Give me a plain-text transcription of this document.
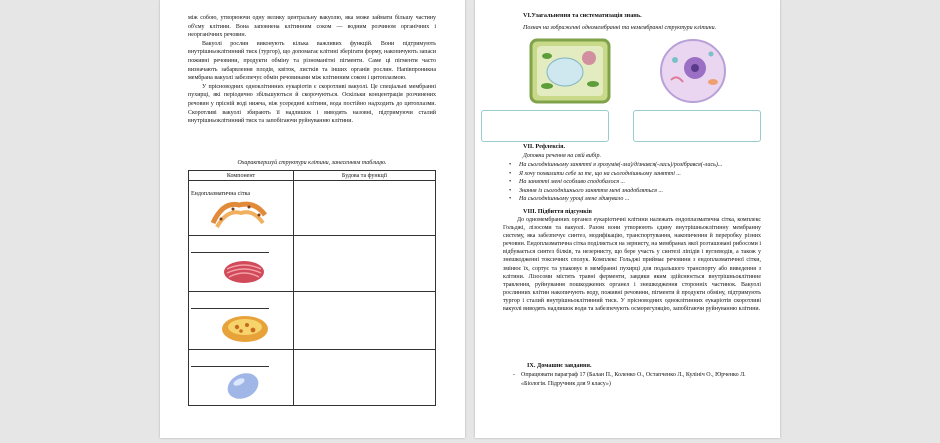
між собою, утворюючи одну велику центральну вакуолю, яка може займати більшу частину об'єму клітини. Вона заповнена клітинним соком — водним розчином органічних і неорганічних речовин.

Вакуолі рослин виконують кілька важливих функцій. Вони підтримують внутрішньоклітинний тиск (тургор), що допомагає клітині зберігати форму, накопичують запаси поживні речовини, продукти обміну та різноманітні пігменти. Саме ці пігменти часто визначають забарвлення плодів, квіток, листків та інших органів рослин. Напівпроникна мембрана вакуолі забезпечує обмін речовинами між клітинним соком і цитоплазмою.

У прісноводних одноклітинних еукаріотів є скоротливі вакуолі. Це спеціальні мембранні пухирці, які періодично збільшуються й скорочуються. Оскільки концентрація розчинених речовин у прісній воді нижча, ніж усередині клітини, вода постійно надходить до цитоплазми. Скоротливі вакуолі збирають її надлишок і виводять назовні, підтримуючи сталий внутрішньоклітинний тиск та запобігаючи руйнуванню клітини.

Охарактеризуй структури клітини, занесенням таблицю.
Компонент	Будова та функції

Ендоплазматична сітка	

VI.Узагальнення та систематизація знань.
Познач на зображенні одномембранні та немембранні структури клітини.
VII. Рефлексія.
Доповни речення на свій вибір.
• На сьогоднішньому занятті я зрозумів(-зла)/дізнався(-лась)/розібрався(-лась)...
• Я хочу похвалити себе за те, що на сьогоднішньому занятті ...
• На занятті мені особливо сподобалося ...
• Знання із сьогоднішнього заняття мені знадобляться ...
• На сьогоднішньому уроці мене здивувало ...
VIII. Підбиття підсумків
До одномембранних органел еукаріотичні клітини належать ендоплазматична сітка, комплекс Гольджі, лізосоми та вакуолі. Разом вони утворюють єдину внутрішньоклітинну мембранну систему, яка забезпечує синтез, модифікацію, транспортування, накопичення й переробку різних речовин. Ендоплазматична сітка поділяється на зернисту, на мембранах якої розташовані рибосоми і відбувається синтез білків, та незернисту, що бере участь у синтезі ліпідів і вуглеводів, а також у знешкодженні токсичних сполук. Комплекс Гольджі приймає речовини з ендоплазматичної сітки, змінює їх, сортує та упаковує в мембранні пухирці для подальшого транспорту або виведення з клітини. Лізосоми містять травні ферменти, завдяки яким здійснюється внутрішньоклітинне травлення, руйнування пошкоджених органел і знешкодження сторонніх частинок. Вакуолі рослинних клітин накопичують воду, поживні речовини, пігменти й продукти обміну, підтримують тургор і сталий внутрішньоклітинний тиск. У прісноводних одноклітинних еукаріотів скоротливі вакуолі виводять надлишок води та забезпечують осморегуляцію, запобігаючи руйнуванню клітини.
IX. Домашнє завдання.
- Опрацювати параграф 17 (Балан П., Коленко О., Остапченко Л., Кулініч О., Юрченко Л. «Біологія. Підручник для 9 класу»)
